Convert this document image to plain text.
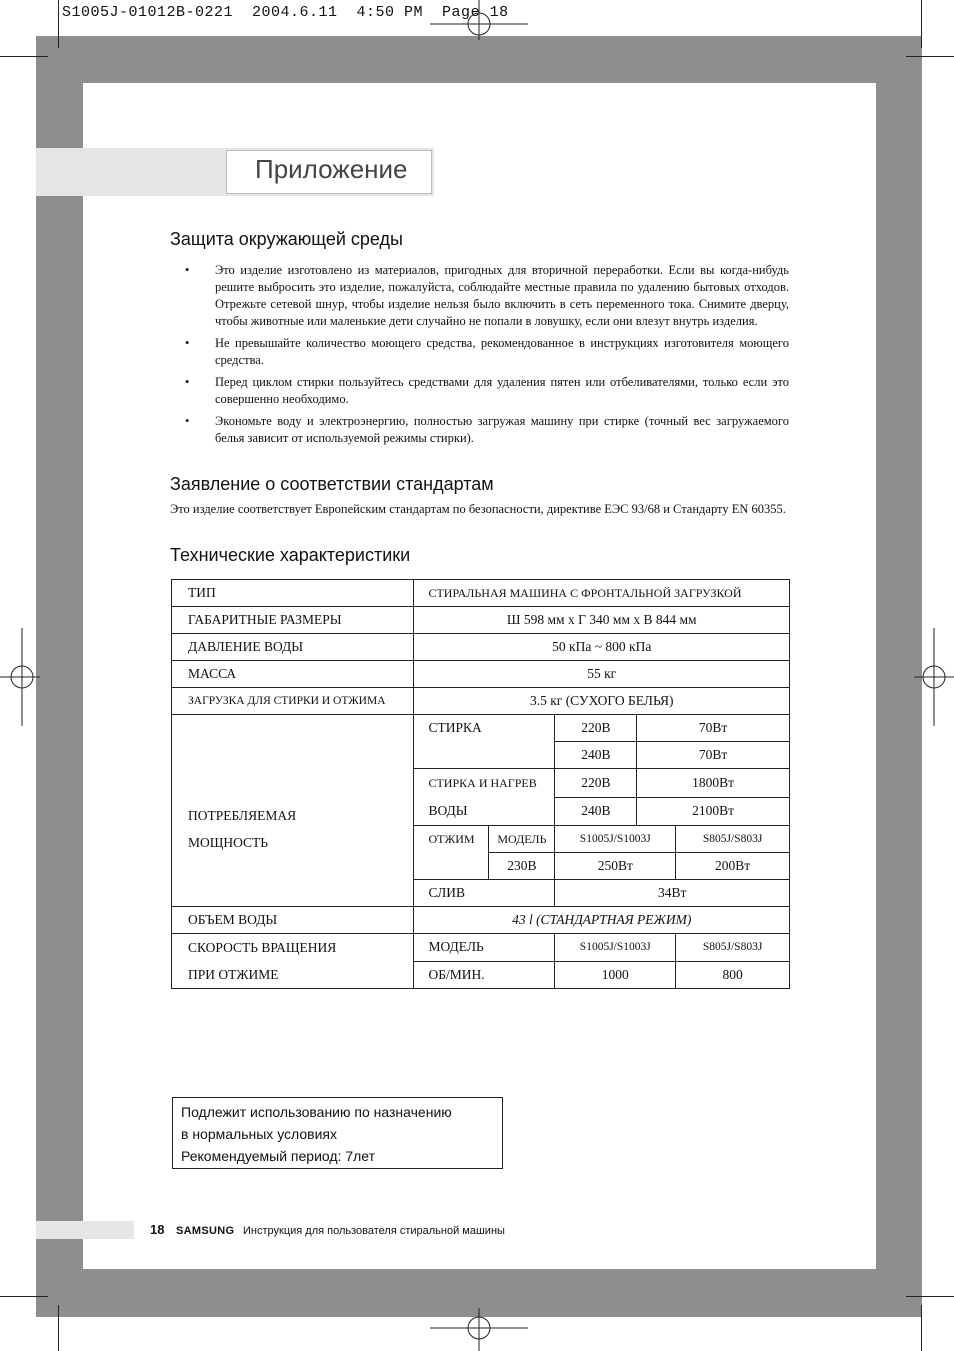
S1005J-01012B-0221  2004.6.11  4:50 PM  Page 18
Приложение
Защита окружающей среды
• Это изделие изготовлено из материалов, пригодных для вторичной переработки. Если вы когда-нибудь решите выбросить это изделие, пожалуйста, соблюдайте местные правила по удалению бытовых отходов. Отрежьте сетевой шнур, чтобы изделие нельзя было включить в сеть переменного тока. Снимите дверцу, чтобы животные или маленькие дети случайно не попали в ловушку, если они влезут внутрь изделия.
• Не превышайте количество моющего средства, рекомендованное в инструкциях изготовителя моющего средства.
• Перед циклом стирки пользуйтесь средствами для удаления пятен или отбеливателями, только если это совершенно необходимо.
• Экономьте воду и электроэнергию, полностью загружая машину при стирке (точный вес загружаемого белья зависит от используемой режимы стирки).
Заявление о соответствии стандартам
Это изделие соответствует Европейским стандартам по безопасности, директиве ЕЭС 93/68 и Стандарту EN 60355.
Технические характеристики
ТИП	СТИРАЛЬНАЯ МАШИНА С ФРОНТАЛЬНОЙ ЗАГРУЗКОЙ				
ГАБАРИТНЫЕ РАЗМЕРЫ	Ш 598 мм х Г 340 мм х В 844 мм				
ДАВЛЕНИЕ ВОДЫ	50 кПа ~ 800 кПа				
МАССА	55 кг				
ЗАГРУЗКА ДЛЯ СТИРКИ И ОТЖИМА	3.5 кг (СУХОГО БЕЛЬЯ)				

ПОТРЕБЛЯЕМАЯ
МОЩНОСТЬ	СТИРКА		220В	70Вт	
			240В	70Вт	

	СТИРКА И НАГРЕВ
ВОДЫ		220В	1800Вт	
			240В	2100Вт	
	ОТЖИМ	МОДЕЛЬ	S1005J/S1003J		S805J/S803J
		230В	250Вт		200Вт
	СЛИВ		34Вт		
ОБЪЕМ ВОДЫ	43 l (СТАНДАРТНАЯ РЕЖИМ)				

СКОРОСТЬ ВРАЩЕНИЯ
ПРИ ОТЖИМЕ	МОДЕЛЬ		S1005J/S1003J		S805J/S803J
	ОБ/МИН.		1000		800
Подлежит использованию по назначению
в нормальных условиях
Рекомендуемый период: 7лет
18 SAMSUNG Инструкция для пользователя стиральной машины
